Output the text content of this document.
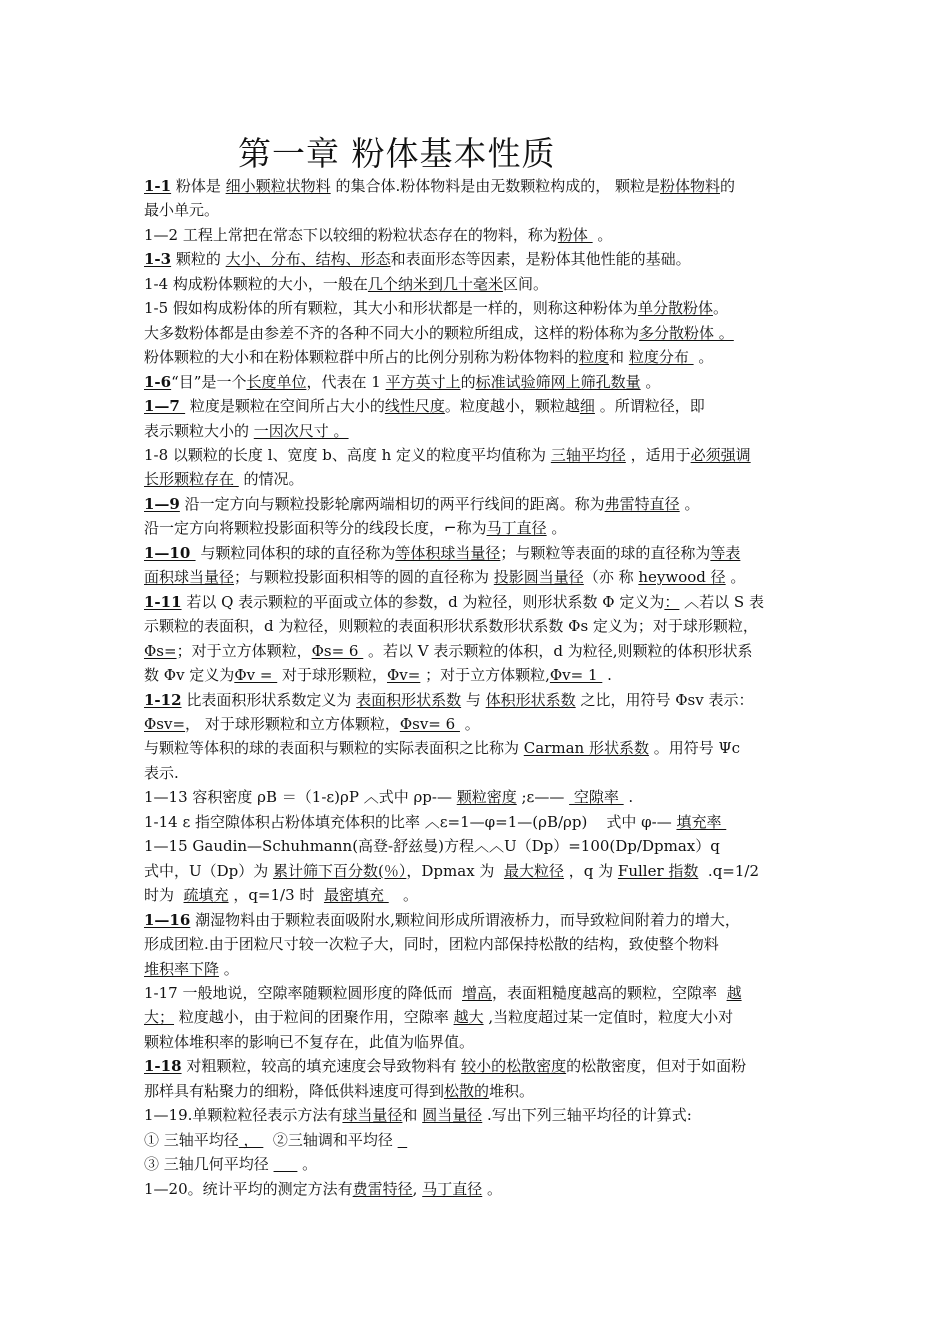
第一章 粉体基本性质

1-1 粉体是 细小颗粒状物料 的集合体.粉体物料是由无数颗粒构成的， 颗粒是粉体物料的

最小单元。

1—2 工程上常把在常态下以较细的粉粒状态存在的物料，称为粉体  。

1-3 颗粒的 大小、分布、结构、形态和表面形态等因素，是粉体其他性能的基础。

1-4 构成粉体颗粒的大小，一般在几个纳米到几十毫米区间。

1-5 假如构成粉体的所有颗粒，其大小和形状都是一样的，则称这种粉体为单分散粉体。

大多数粉体都是由参差不齐的各种不同大小的颗粒所组成，这样的粉体称为多分散粉体 。

粉体颗粒的大小和在粉体颗粒群中所占的比例分别称为粉体物料的粒度和 粒度分布  。

1-6“目”是一个长度单位，代表在 1 平方英寸上的标准试验筛网上筛孔数量 。

1—7  粒度是颗粒在空间所占大小的线性尺度。粒度越小，颗粒越细 。所谓粒径，即

表示颗粒大小的 一因次尺寸 。

1-8 以颗粒的长度 l、宽度 b、高度 h 定义的粒度平均值称为 三轴平均径 ，适用于必须强调

长形颗粒存在  的情况。

1—9 沿一定方向与颗粒投影轮廓两端相切的两平行线间的距离。称为弗雷特直径 。

沿一定方向将颗粒投影面积等分的线段长度，⌐称为马丁直径 。

1—10  与颗粒同体积的球的直径称为等体积球当量径；与颗粒等表面的球的直径称为等表

面积球当量径；与颗粒投影面积相等的圆的直径称为 投影圆当量径（亦 称 heywood 径 。

1-11 若以 Q 表示颗粒的平面或立体的参数，d 为粒径，则形状系数 Φ 定义为： ︿若以 S 表

示颗粒的表面积，d 为粒径，则颗粒的表面积形状系数形状系数 Φs 定义为；对于球形颗粒，

Φs=；对于立方体颗粒，Φs= 6  。若以 V 表示颗粒的体积，d 为粒径,则颗粒的体积形状系

数 Φv 定义为Φv =  对于球形颗粒，Φv= ；对于立方体颗粒,Φv= 1  .

1-12 比表面积形状系数定义为 表面积形状系数 与 体积形状系数 之比，用符号 Φsv 表示：

Φsv=， 对于球形颗粒和立方体颗粒，Φsv= 6  。

与颗粒等体积的球的表面积与颗粒的实际表面积之比称为 Carman 形状系数 。用符号 Ψc

表示.

1—13 容积密度 ρB ＝（1-ε)ρP ︿式中 ρp-— 颗粒密度 ;ε——  空隙率  .

1-14 ε 指空隙体积占粉体填充体积的比率 ︿ε=1—φ=1—(ρB/ρp)    式中 φ-— 填充率

1—15 Gaudin—Schuhmann(高登-舒兹曼)方程︿︿U（Dp）=100(Dp/Dpmax）q

式中，U（Dp）为 累计筛下百分数(％），Dpmax 为  最大粒径 ，q 为 Fuller 指数  .q=1/2

时为  疏填充 ，q=1/3 时  最密填充    。

1—16 潮湿物料由于颗粒表面吸附水,颗粒间形成所谓液桥力，而导致粒间附着力的增大，

形成团粒.由于团粒尺寸较一次粒子大，同时，团粒内部保持松散的结构，致使整个物料

堆积率下降 。

1-17 一般地说，空隙率随颗粒圆形度的降低而  增高，表面粗糙度越高的颗粒，空隙率  越

大； 粒度越小，由于粒间的团聚作用，空隙率 越大 ,当粒度超过某一定值时，粒度大小对

颗粒体堆积率的影响已不复存在，此值为临界值。

1-18 对粗颗粒，较高的填充速度会导致物料有 较小的松散密度的松散密度，但对于如面粉

那样具有粘聚力的细粉，降低供料速度可得到松散的堆积。

1—19.单颗粒粒径表示方法有球当量径和 圆当量径 .写出下列三轴平均径的计算式:

① 三轴平均径 ，   ②三轴调和平均径

③ 三轴几何平均径       。

1—20。统计平均的测定方法有费雷特径, 马丁直径 。
